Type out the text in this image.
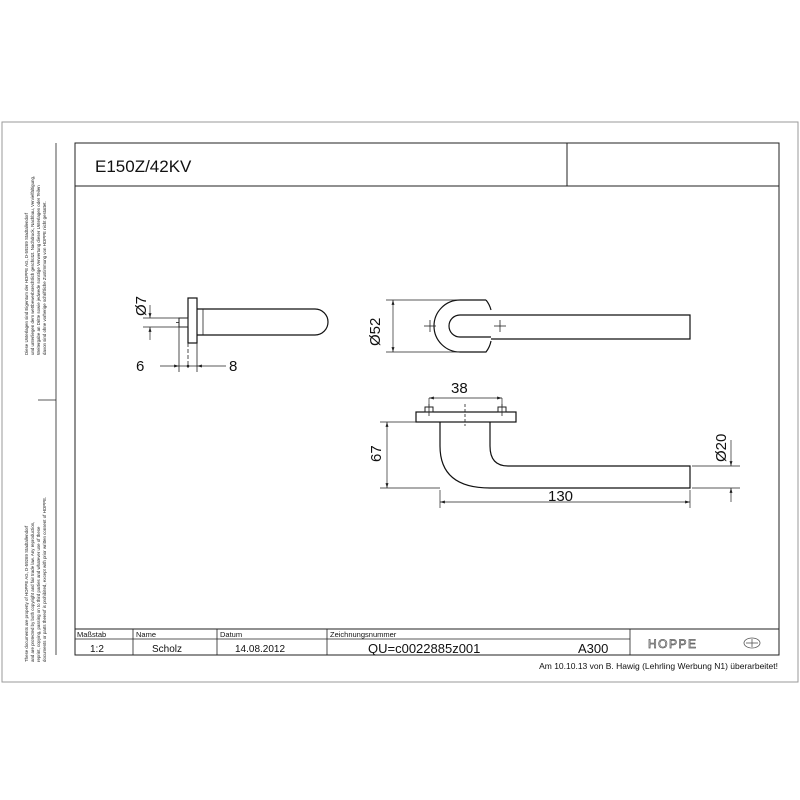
Diese Unterlagen sind Eigentum der HOPPE AG, D-59269 Stadtallendorf und unterliegen dem wettbewerbsrechtlich geschützt. Nachdruck, Nachbau, Vervielfältigung, Weitergabe an Dritte sowie jedwede sonstige Verwertung dieser Unterlagen oder Teilen davon sind ohne vorherige schriftliche Zustimmung von HOPPE nicht gestattet.
These documents are property of HOPPE AG, D-59269 Stadtallendorf and are protected by both copyright and fair trade law. Any reproduction, reprint, copying, passing on to third parties and whatever use of these documents or parts thereof is prohibited, except with prior written consent of HOPPE.
E150Z/42KV
Ø7
6	8
Ø52
38
67
130
Ø20
Maßstab	Name	Datum	Zeichnungsnummer
1:2	Scholz	14.08.2012	QU=c0022885z001	A300	HOPPE
Am 10.10.13 von B. Hawig (Lehrling Werbung N1) überarbeitet!
